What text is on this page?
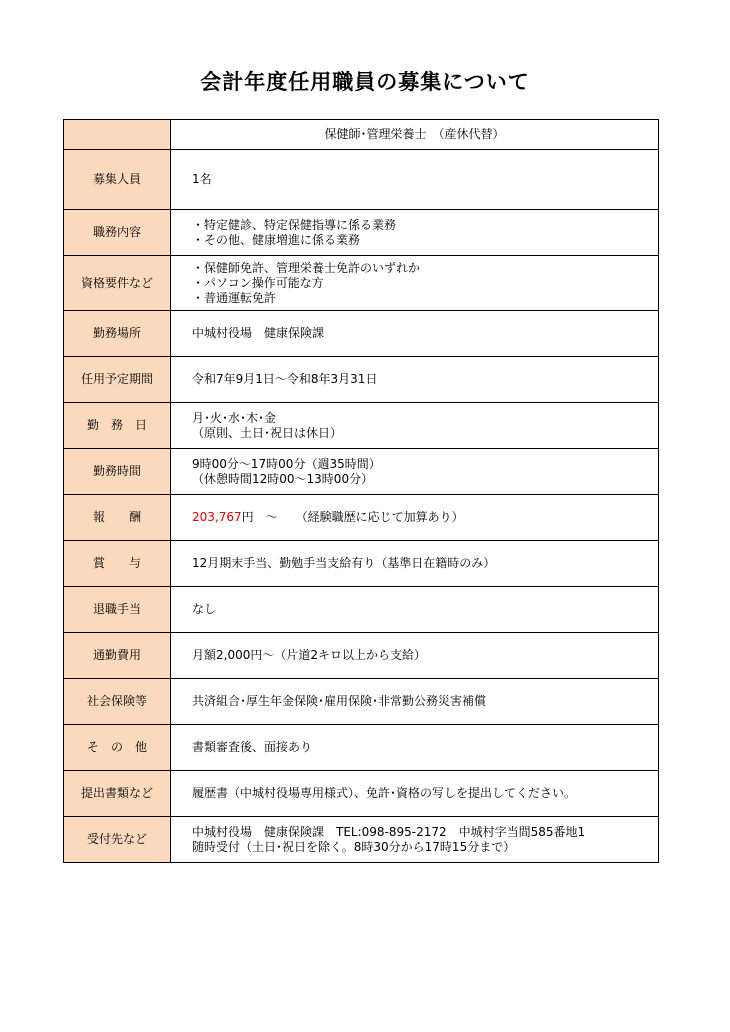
会計年度任用職員の募集について
	保健師･管理栄養士　（産休代替）
募集人員	1名

職務内容	・特定健診、特定保健指導に係る業務
・その他、健康増進に係る業務

資格要件など	・保健師免許、管理栄養士免許のいずれか
・パソコン操作可能な方
・普通運転免許

勤務場所	中城村役場　健康保険課

任用予定期間	令和7年9月1日～令和8年3月31日

勤　務　日	月･火･水･木･金
（原則、土日･祝日は休日）

勤務時間	9時00分～17時00分（週35時間）
（休憩時間12時00～13時00分）

報　　酬	203,767円　～　　（経験職歴に応じて加算あり）

賞　　与	12月期末手当、勤勉手当支給有り（基準日在籍時のみ）

退職手当	なし

通勤費用	月額2,000円～（片道2キロ以上から支給）

社会保険等	共済組合･厚生年金保険･雇用保険･非常勤公務災害補償

そ　の　他	書類審査後、面接あり

提出書類など	履歴書（中城村役場専用様式）、免許･資格の写しを提出してください。

受付先など	中城村役場　健康保険課　TEL:098-895-2172　中城村字当間585番地1
随時受付（土日･祝日を除く。8時30分から17時15分まで）
